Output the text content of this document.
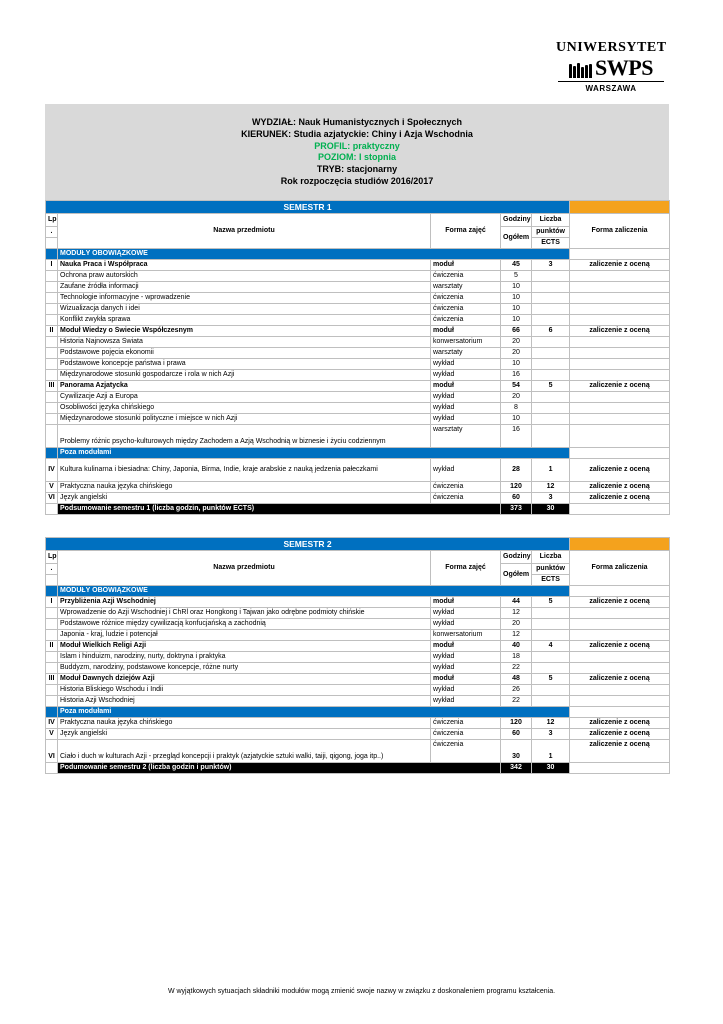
UNIWERSYTET
SWPS
WARSZAWA
WYDZIAŁ: Nauk Humanistycznych i Społecznych
KIERUNEK: Studia azjatyckie: Chiny i Azja Wschodnia
PROFIL: praktyczny
POZIOM: I stopnia
TRYB: stacjonarny
Rok rozpoczęcia studiów 2016/2017
SEMESTR 1					
Lp	Nazwa przedmiotu	Forma zajęć	Godziny	Liczba	Forma zaliczenia
.			Ogółem	punktów	
				ECTS	
	MODUŁY OBOWIĄZKOWE				
I	Nauka Praca i Współpraca	moduł	45	3	zaliczenie z oceną
	Ochrona praw autorskich	ćwiczenia	5		
	Zaufane źródła informacji	warsztaty	10		
	Technologie informacyjne - wprowadzenie	ćwiczenia	10		
	Wizualizacja danych i idei	ćwiczenia	10		
	Konflikt zwykła sprawa	ćwiczenia	10		
II	Moduł Wiedzy o Świecie Współczesnym	moduł	66	6	zaliczenie z oceną
	Historia Najnowsza Świata	konwersatorium	20		
	Podstawowe pojęcia ekonomii	warsztaty	20		
	Podstawowe koncepcje państwa i prawa	wykład	10		
	Międzynarodowe stosunki gospodarcze i rola w nich Azji	wykład	16		
III	Panorama Azjatycka	moduł	54	5	zaliczenie z oceną
	Cywilizacje Azji a Europa	wykład	20		
	Osobliwości języka chińskiego	wykład	8		
	Międzynarodowe stosunki polityczne i miejsce w nich Azji	wykład	10		
	Problemy różnic psycho-kulturowych między Zachodem a Azją Wschodnią w biznesie i życiu codziennym	warsztaty	16		
	Poza modułami				
IV	Kultura kulinarna i biesiadna: Chiny, Japonia, Birma, Indie, kraje arabskie z nauką jedzenia pałeczkami	wykład	28	1	zaliczenie z oceną
V	Praktyczna nauka języka chińskiego	ćwiczenia	120	12	zaliczenie z oceną
VI	Język angielski	ćwiczenia	60	3	zaliczenie z oceną
	Podsumowanie semestru 1 (liczba godzin, punktów ECTS)		373	30	
SEMESTR 2					
Lp	Nazwa przedmiotu	Forma zajęć	Godziny	Liczba	Forma zaliczenia
.			Ogółem	punktów	
				ECTS	
	MODUŁY OBOWIĄZKOWE				
I	Przybliżenia Azji Wschodniej	moduł	44	5	zaliczenie z oceną
	Wprowadzenie do Azji Wschodniej i ChRl oraz Hongkong i Tajwan jako odrębne podmioty chińskie	wykład	12		
	Podstawowe różnice między cywilizacją konfucjańską a zachodnią	wykład	20		
	Japonia - kraj, ludzie i potencjał	konwersatorium	12		
II	Moduł Wielkich Religi Azji	moduł	40	4	zaliczenie z oceną
	Islam i hinduizm, narodziny, nurty, doktryna i praktyka	wykład	18		
	Buddyzm, narodziny, podstawowe koncepcje, różne nurty	wykład	22		
III	Moduł Dawnych dziejów Azji	moduł	48	5	zaliczenie z oceną
	Historia Bliskiego Wschodu i Indii	wykład	26		
	Historia Azji Wschodniej	wykład	22		
	Poza modułami				
IV	Praktyczna nauka języka chińskiego	ćwiczenia	120	12	zaliczenie z oceną
V	Język angielski	ćwiczenia	60	3	zaliczenie z oceną
VI	Ciało i duch w kulturach Azji - przegląd koncepcji i praktyk (azjatyckie sztuki walki, taiji, qigong, joga itp..)	ćwiczenia	30	1	zaliczenie z oceną
	Podumowanie semestru 2 (liczba godzin i punktów)		342	30	
W wyjątkowych sytuacjach składniki modułów mogą zmienić swoje nazwy w związku z doskonaleniem programu kształcenia.
